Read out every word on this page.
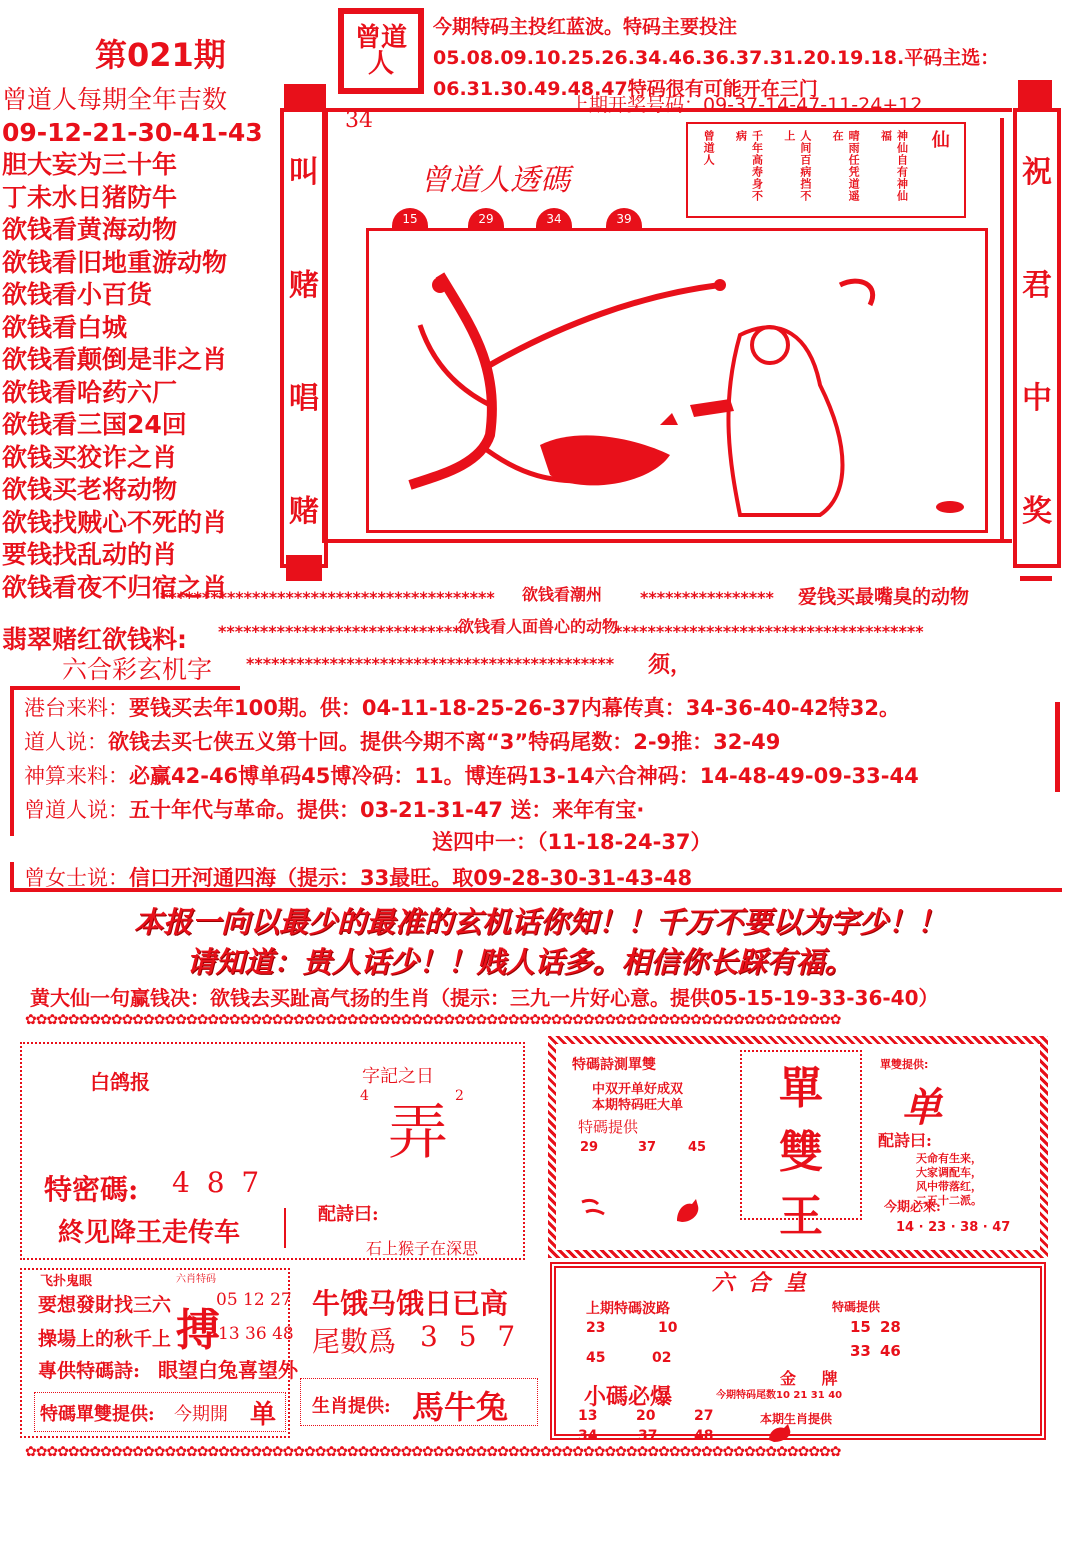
第021期	曾道人
今期特码主投红蓝波。特码主要投注05.08.09.10.25.26.34.46.36.37.31.20.19.18.平码主选：06.31.30.49.48.47特码很有可能开在三门
上期开奖号码：09-37-14-47-11-24+12
曾道人每期全年吉数
09-12-21-30-41-43
胆大妄为三十年
丁未水日猪防牛
欲钱看黄海动物
欲钱看旧地重游动物
欲钱看小百货
欲钱看白城
欲钱看颠倒是非之肖
欲钱看哈药六厂
欲钱看三国24回
欲钱买狡诈之肖
欲钱买老将动物
欲钱找贼心不死的肖
要钱找乱动的肖
欲钱看夜不归宿之肖
叫
赌
唱
赌
祝
君
中
奖
34
曾道人透碼
15	29	34	39
仙
神仙自有神仙福
晴雨任凭道遥在
人间百病挡不上
千年高寿身不病
曾道人
**************************************** 欲钱看潮州 **************** 爱钱买最嘴臭的动物
翡翠赌红欲钱料: *****************************
欲钱看人面兽心的动物
*************************************
六合彩玄机字 ******************************************** 须，
港台来料：要钱买去年100期。供：04-11-18-25-26-37内幕传真：34-36-40-42特32。
道人说：欲钱去买七侠五义第十回。提供今期不离“3”特码尾数：2-9推：32-49
神算来料：必赢42-46博单码45博冷码：11。博连码13-14六合神码：14-48-49-09-33-44
曾道人说：五十年代与革命。提供：03-21-31-47 送：来年有宝·
送四中一：（11-18-24-37）
曾女士说：信口开河通四海（提示：33最旺。取09-28-30-31-43-48
本报一向以最少的最准的玄机话你知！！千万不要以为字少！！
请知道：贵人话少！！贱人话多。相信你长踩有福。
黄大仙一句赢钱决：欲钱去买趾高气扬的生肖（提示：三九一片好心意。提供05-15-19-33-36-40）
✿✿✿✿✿✿✿✿✿✿✿✿✿✿✿✿✿✿✿✿✿✿✿✿✿✿✿✿✿✿✿✿✿✿✿✿✿✿✿✿✿✿✿✿✿✿✿✿✿✿✿✿✿✿✿✿✿✿✿✿✿✿✿✿✿✿✿✿✿✿✿✿✿✿✿✿
白鸽报	字記之日
4	2
弄
特密碼: 4 8 7
終见降王走传车
配詩曰:
石上猴子在深思
特碼詩測單雙
中双开单好成双
本期特码旺大单
特碼提供
29	37 45
單
雙
王
單雙提供:
单
配詩曰:
天命有生来，
大家调配车，
风中带落红，
二五十二派。
今期必來:
14 · 23 · 38 · 47
飞扑鬼眼
要想發財找三六
操場上的秋千上
六肖特码
搏
05 12 27
13 36 48
專供特碼詩: 眼望白兔喜望外
特碼單雙提供: 今期開 单
牛饿马饿日已高
尾數爲 3 5 7
生肖提供: 馬牛兔
六合皇
上期特碼波路
23	10
45	02
特碼提供
15 28
33 46
金 牌
小碼必爆	今期特码尾数10 21 31 40
13	20	27
34	37	48
本期生肖提供
✿✿✿✿✿✿✿✿✿✿✿✿✿✿✿✿✿✿✿✿✿✿✿✿✿✿✿✿✿✿✿✿✿✿✿✿✿✿✿✿✿✿✿✿✿✿✿✿✿✿✿✿✿✿✿✿✿✿✿✿✿✿✿✿✿✿✿✿✿✿✿✿✿✿✿✿
